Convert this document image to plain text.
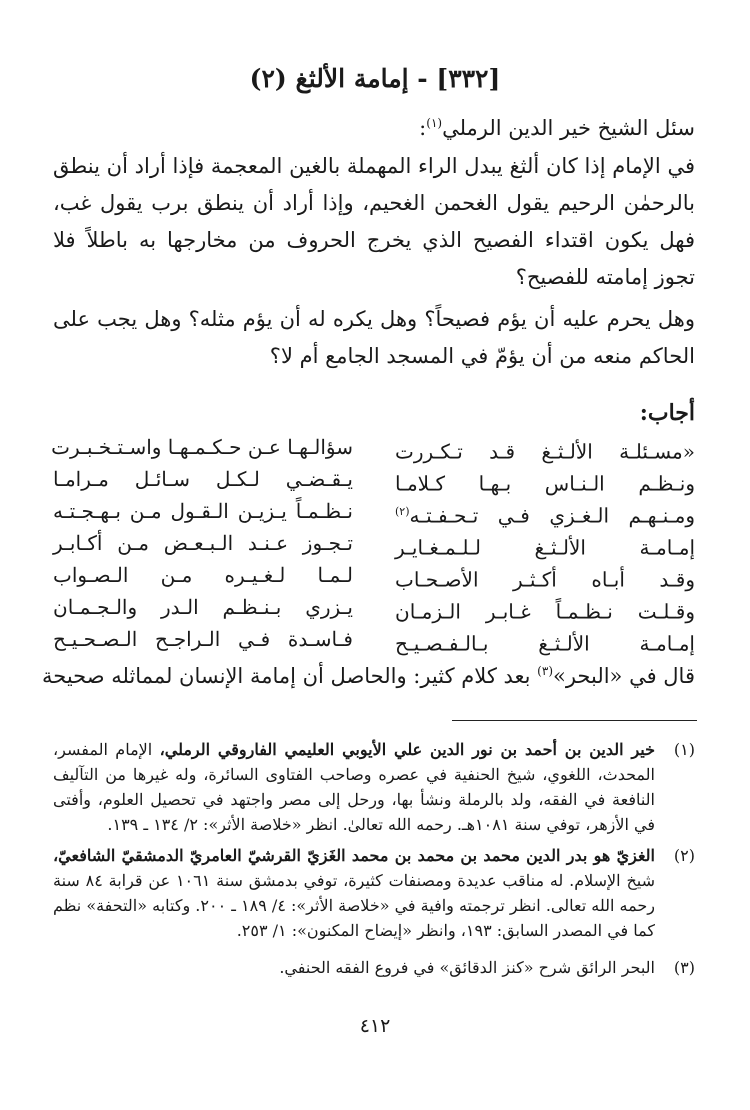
[٣٣٢] - إمامة الألثغ (٢)
سئل الشيخ خير الدين الرملي$^{(١)}$:

في الإمام إذا كان ألثغ يبدل الراء المهملة بالغين المعجمة فإذا أراد أن ينطق بالرحمٰن الرحيم يقول الغحمن الغحيم، وإذا أراد أن ينطق برب يقول غب، فهل يكون اقتداء الفصيح الذي يخرج الحروف من مخارجها به باطلاً فلا تجوز إمامته للفصيح؟

وهل يحرم عليه أن يؤم فصيحاً؟ وهل يكره له أن يؤم مثله؟ وهل يجب على الحاكم منعه من أن يؤمّ في المسجد الجامع أم لا؟

أجاب:
«مسـئلـة الألـثـغ قـد تـكـررت
سؤالـهـا عـن حـكـمـهـا واسـتـخـبـرت
ونـظـم الـنـاس بـهـا كـلامـا
يـقـضـي لـكـل سـائـل مـرامـا
ومـنـهـم الـغـزي فـي تـحـفـتـه$^{(٢)}$
نـظـمـاً يـزيـن الـقـول مـن بـهـجـتـه
إمـامـة الألـثـغ لـلـمـغـايـر
تـجـوز عـنـد الـبـعـض مـن أكـابـر
وقـد أبـاه أكـثـر الأصـحـاب
لـمـا لـغـيـره مـن الـصـواب
وقـلـت نـظـمـاً غـابـر الـزمـان
يـزري بـنـظـم الـدر والـجـمـان
إمـامـة الألـثـغ بـالـفـصـيـح
فـاسـدة فـي الـراجـح الـصـحـيـح
قال في «البحر»$^{(٣)}$ بعد كلام كثير: والحاصل أن إمامة الإنسان لمماثله صحيحة
(١)
خير الدين بن أحمد بن نور الدين علي الأيوبي العليمي الفاروقي الرملي، الإمام المفسر، المحدث، اللغوي، شيخ الحنفية في عصره وصاحب الفتاوى السائرة، وله غيرها من التآليف النافعة في الفقه، ولد بالرملة ونشأ بها، ورحل إلى مصر واجتهد في تحصيل العلوم، وأفتى في الأزهر، توفي سنة ١٠٨١هـ. رحمه الله تعالىٰ. انظر «خلاصة الأثر»: ٢/ ١٣٤ ـ ١٣٩.
(٢)
الغزيّ هو بدر الدين محمد بن محمد بن محمد الغَزيّ القرشيّ العامريّ الدمشقيّ الشافعيّ، شيخ الإسلام. له مناقب عديدة ومصنفات كثيرة، توفي بدمشق سنة ١٠٦١ عن قرابة ٨٤ سنة رحمه الله تعالى. انظر ترجمته وافية في «خلاصة الأثر»: ٤/ ١٨٩ ـ ٢٠٠. وكتابه «التحفة» نظم كما في المصدر السابق: ١٩٣، وانظر «إيضاح المكنون»: ١/ ٢٥٣.
(٣)
البحر الرائق شرح «كنز الدقائق» في فروع الفقه الحنفي.
٤١٢
